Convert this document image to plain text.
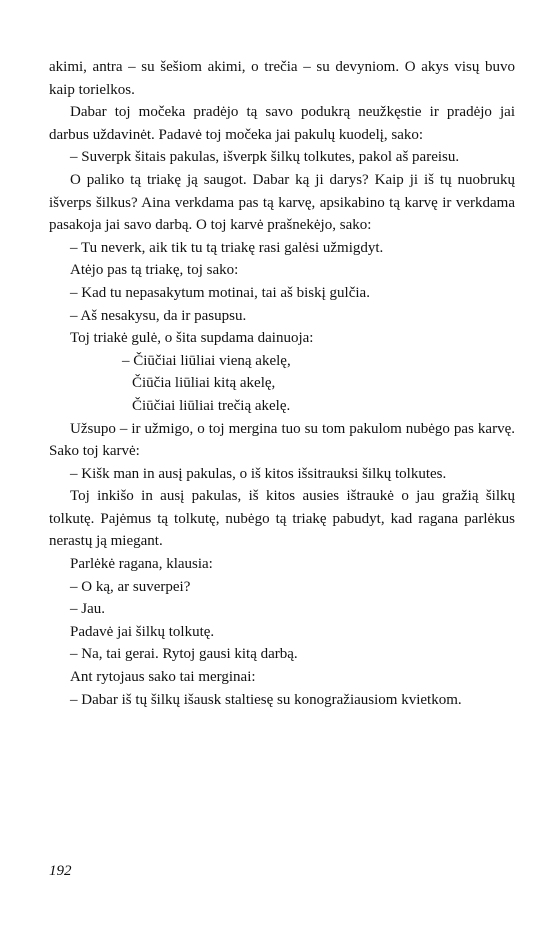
akimi, antra – su šešiom akimi, o trečia – su devyniom. O akys visų buvo kaip torielkos.

Dabar toj močeka pradėjo tą savo podukrą neužkęstie ir pradėjo jai darbus uždavinėt. Padavė toj močeka jai pakulų kuodelį, sako:

– Suverpk šitais pakulas, išverpk šilkų tolkutes, pakol aš pareisu.

O paliko tą triakę ją saugot. Dabar ką ji darys? Kaip ji iš tų nuobrukų išverps šilkus? Aina verkdama pas tą karvę, apsikabino tą karvę ir verkdama pasakoja jai savo darbą. O toj karvė prašnekėjo, sako:

– Tu neverk, aik tik tu tą triakę rasi galėsi užmigdyt.

Atėjo pas tą triakę, toj sako:

– Kad tu nepasakytum motinai, tai aš biskį gulčia.

– Aš nesakysu, da ir pasupsu.

Toj triakė gulė, o šita supdama dainuoja:

– Čiūčiai liūliai vieną akelę,

Čiūčia liūliai kitą akelę,

Čiūčiai liūliai trečią akelę.

Užsupo – ir užmigo, o toj mergina tuo su tom pakulom nubėgo pas karvę. Sako toj karvė:

– Kišk man in ausį pakulas, o iš kitos išsitrauksi šilkų tolkutes.

Toj inkišo in ausį pakulas, iš kitos ausies ištraukė o jau gražią šilkų tolkutę. Pajėmus tą tolkutę, nubėgo tą triakę pabudyt, kad ragana parlėkus nerastų ją miegant.

Parlėkė ragana, klausia:

– O ką, ar suverpei?

– Jau.

Padavė jai šilkų tolkutę.

– Na, tai gerai. Rytoj gausi kitą darbą.

Ant rytojaus sako tai merginai:

– Dabar iš tų šilkų išausk staltiesę su konogražiausiom kvietkom.

192
